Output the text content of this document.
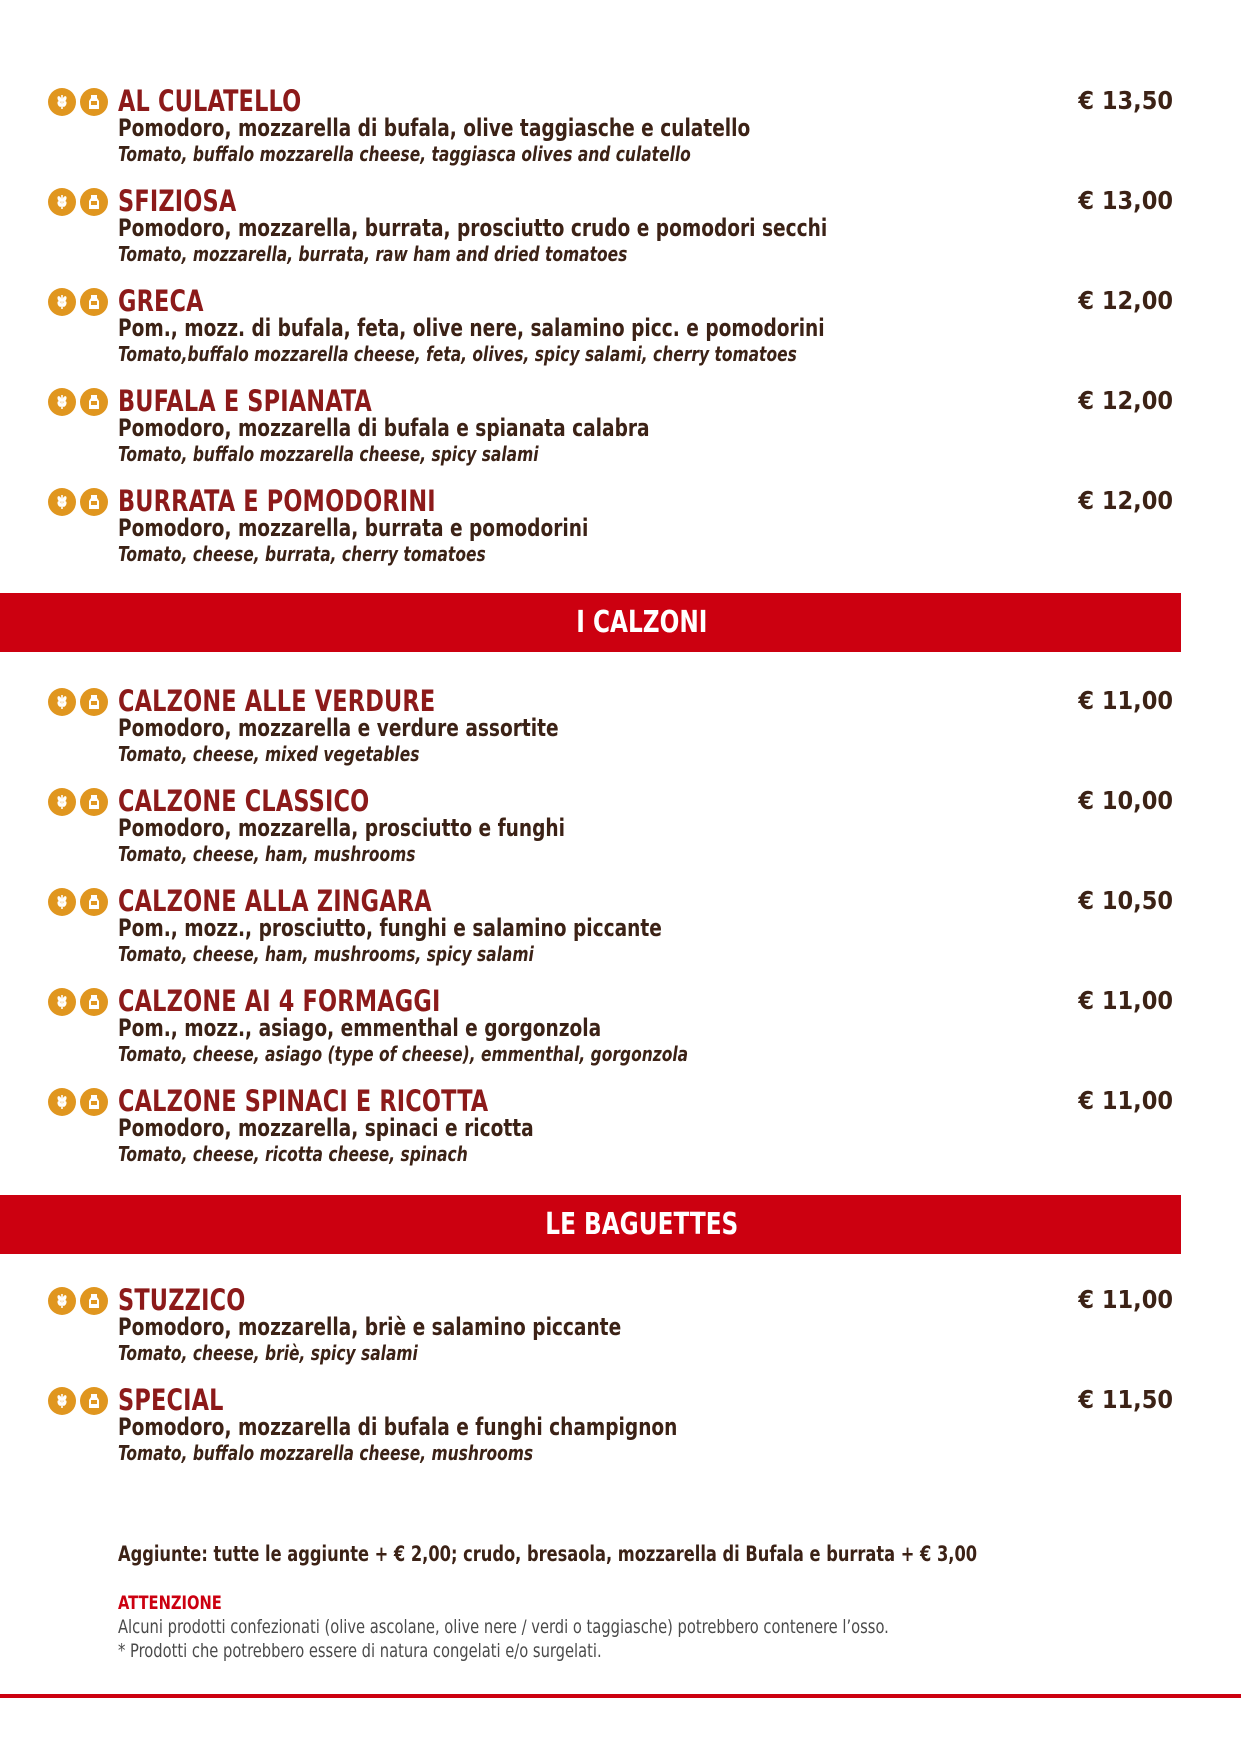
AL CULATELLO
Pomodoro, mozzarella di bufala, olive taggiasche e culatello
Tomato, buffalo mozzarella cheese, taggiasca olives and culatello
€ 13,50
SFIZIOSA
Pomodoro, mozzarella, burrata, prosciutto crudo e pomodori secchi
Tomato, mozzarella, burrata, raw ham and dried tomatoes
€ 13,00
GRECA
Pom., mozz. di bufala, feta, olive nere, salamino picc. e pomodorini
Tomato,buffalo mozzarella cheese, feta, olives, spicy salami, cherry tomatoes
€ 12,00
BUFALA E SPIANATA
Pomodoro, mozzarella di bufala e spianata calabra
Tomato, buffalo mozzarella cheese, spicy salami
€ 12,00
BURRATA E POMODORINI
Pomodoro, mozzarella, burrata e pomodorini
Tomato, cheese, burrata, cherry tomatoes
€ 12,00
I CALZONI
CALZONE ALLE VERDURE
Pomodoro, mozzarella e verdure assortite
Tomato, cheese, mixed vegetables
€ 11,00
CALZONE CLASSICO
Pomodoro, mozzarella, prosciutto e funghi
Tomato, cheese, ham, mushrooms
€ 10,00
CALZONE ALLA ZINGARA
Pom., mozz., prosciutto, funghi e salamino piccante
Tomato, cheese, ham, mushrooms, spicy salami
€ 10,50
CALZONE AI 4 FORMAGGI
Pom., mozz., asiago, emmenthal e gorgonzola
Tomato, cheese, asiago (type of cheese), emmenthal, gorgonzola
€ 11,00
CALZONE SPINACI E RICOTTA
Pomodoro, mozzarella, spinaci e ricotta
Tomato, cheese, ricotta cheese, spinach
€ 11,00
LE BAGUETTES
STUZZICO
Pomodoro, mozzarella, briè e salamino piccante
Tomato, cheese, briè, spicy salami
€ 11,00
SPECIAL
Pomodoro, mozzarella di bufala e funghi champignon
Tomato, buffalo mozzarella cheese, mushrooms
€ 11,50
Aggiunte: tutte le aggiunte + € 2,00; crudo, bresaola, mozzarella di Bufala e burrata + € 3,00
ATTENZIONE
Alcuni prodotti confezionati (olive ascolane, olive nere / verdi o taggiasche) potrebbero contenere l’osso.
* Prodotti che potrebbero essere di natura congelati e/o surgelati.
